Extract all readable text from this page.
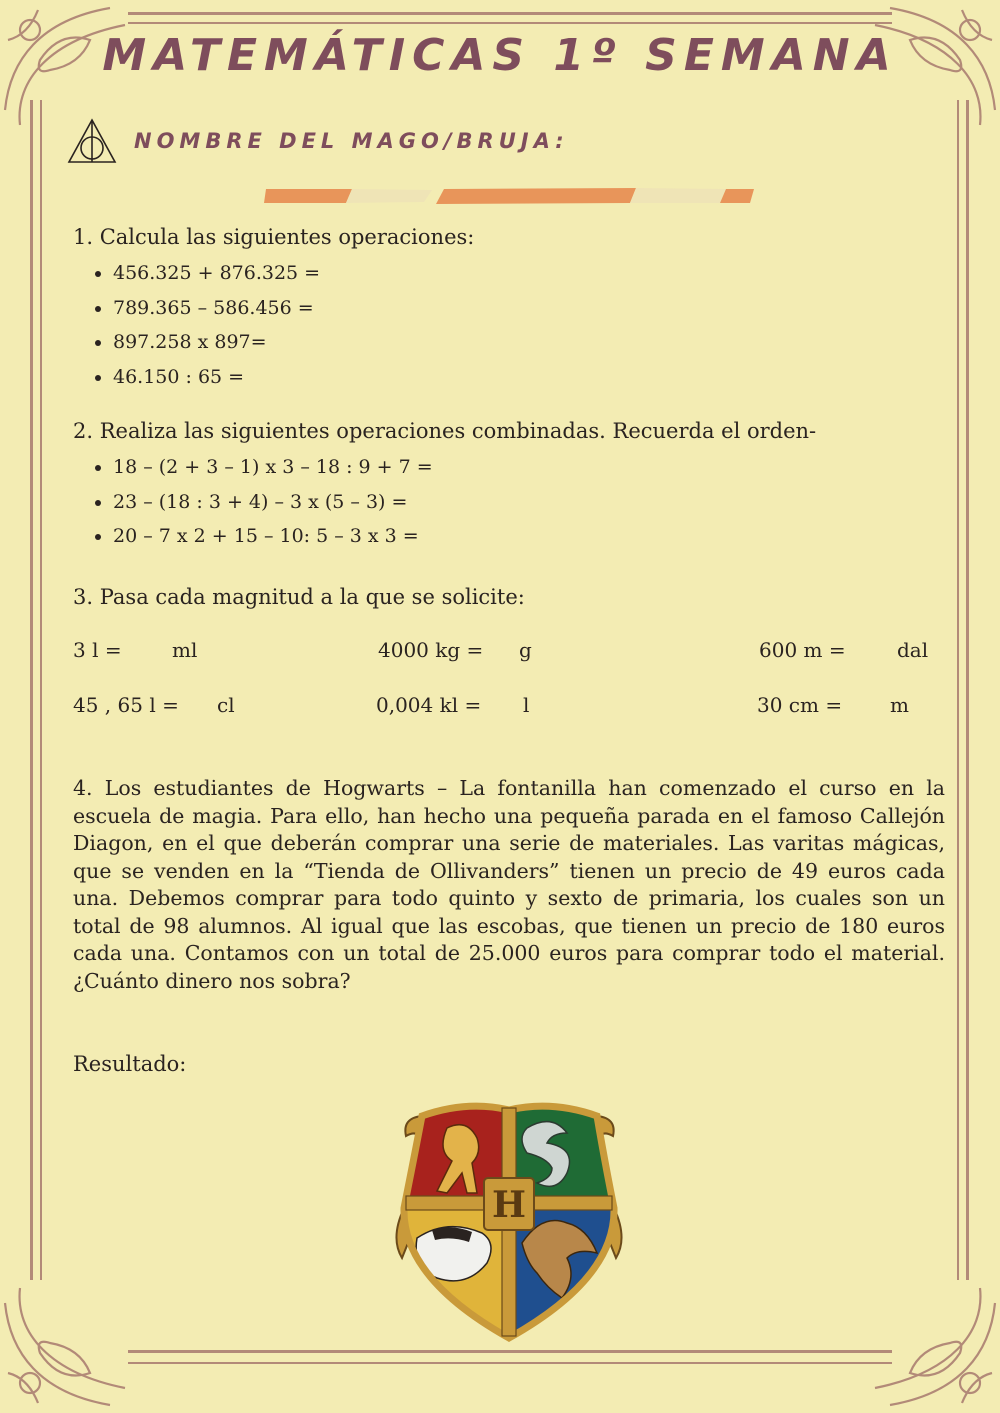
MATEMÁTICAS 1º SEMANA
NOMBRE DEL MAGO/BRUJA:
1. Calcula las siguientes operaciones:
• 456.325 + 876.325 =
• 789.365 – 586.456 =
• 897.258 x 897=
• 46.150 : 65 =
2. Realiza las siguientes operaciones combinadas. Recuerda el orden-
• 18 – (2 + 3 – 1) x 3 – 18 : 9 + 7 =
• 23 – (18 : 3 + 4) – 3 x (5 – 3) =
• 20 – 7 x 2 + 15 – 10: 5 – 3 x 3 =
3. Pasa cada magnitud a la que se solicite:
3 l =	ml	4000 kg = g	600 m =	dal
45 , 65 l = cl	0,004 kl = l	30 cm = m
4. Los estudiantes de Hogwarts – La fontanilla han comenzado el curso en la escuela de magia. Para ello, han hecho una pequeña parada en el famoso Callejón Diagon, en el que deberán comprar una serie de materiales. Las varitas mágicas, que se venden en la “Tienda de Ollivanders” tienen un precio de 49 euros cada una. Debemos comprar para todo quinto y sexto de primaria, los cuales son un total de 98 alumnos. Al igual que las escobas, que tienen un precio de 180 euros cada una. Contamos con un total de 25.000 euros para comprar todo el material. ¿Cuánto dinero nos sobra?
Resultado:
H
